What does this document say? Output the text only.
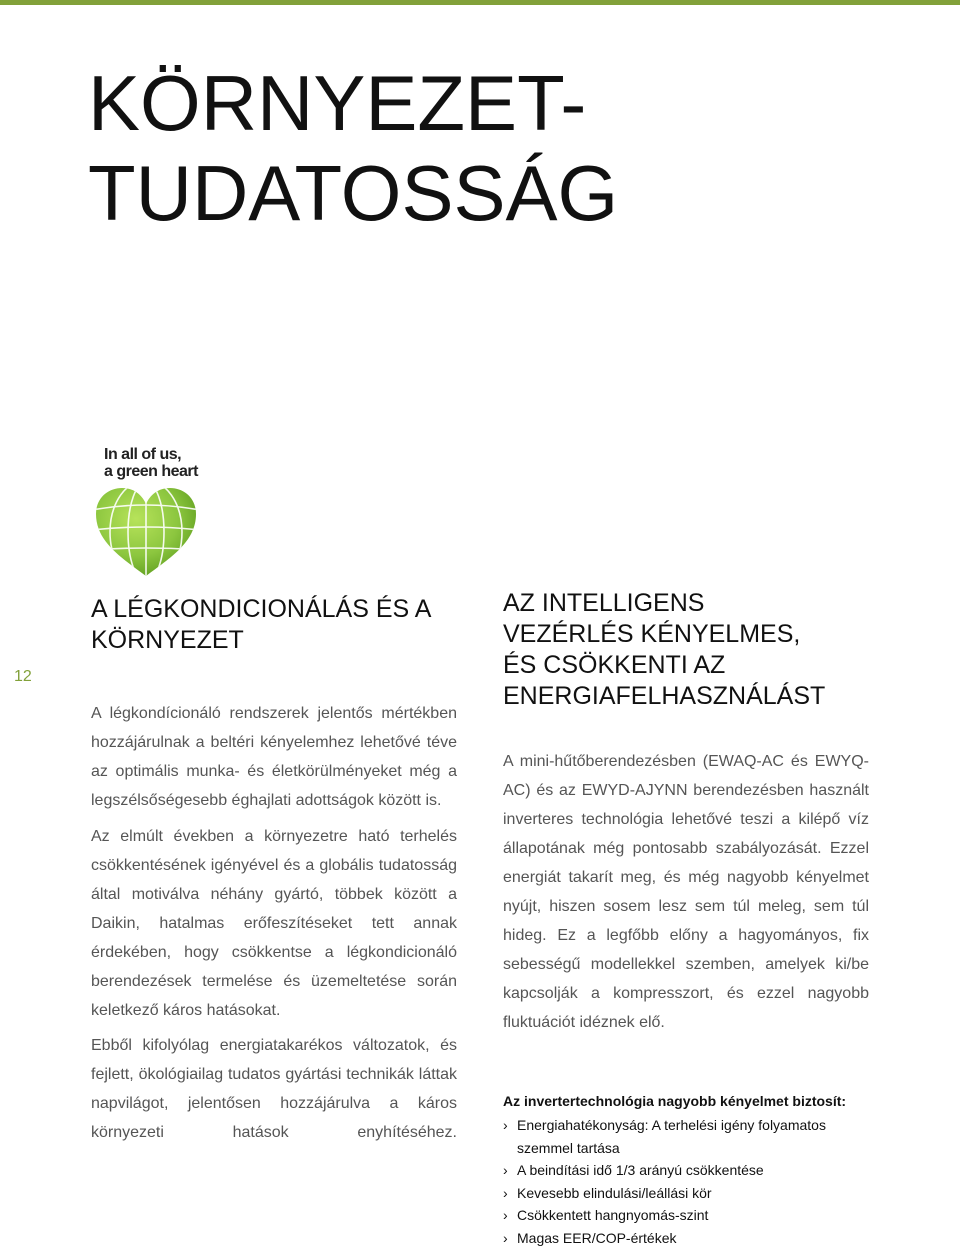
KÖRNYEZET-
TUDATOSSÁG
In all of us,
a green heart
12
A LÉGKONDICIONÁLÁS ÉS A
KÖRNYEZET

A légkondícionáló rendszerek jelentős mértékben hozzájárulnak a beltéri kényelemhez lehetővé téve az optimális munka- és életkörülményeket még a legszélsőségesebb éghajlati adottságok között is.

Az elmúlt években a környezetre ható terhelés csökkentésének igényével és a globális tudatosság által motiválva néhány gyártó, többek között a Daikin, hatalmas erőfeszítéseket tett annak érdekében, hogy csökkentse a légkondicionáló berendezések termelése és üzemeltetése során keletkező káros hatásokat.

Ebből kifolyólag energiatakarékos változatok, és fejlett, ökológiailag tudatos gyártási technikák láttak napvilágot, jelentősen hozzájárulva a káros környezeti hatások enyhítéséhez.

AZ INTELLIGENS
VEZÉRLÉS KÉNYELMES,
ÉS CSÖKKENTI AZ
ENERGIAFELHASZNÁLÁST

A mini-hűtőberendezésben (EWAQ-AC és EWYQ-AC) és az EWYD-AJYNN berendezésben használt inverteres technológia lehetővé teszi a kilépő víz állapotának még pontosabb szabályozását. Ezzel energiát takarít meg, és még nagyobb kényelmet nyújt, hiszen sosem lesz sem túl meleg, sem túl hideg. Ez a legfőbb előny a hagyományos, fix sebességű modellekkel szemben, amelyek ki/be kapcsolják a kompresszort, és ezzel nagyobb fluktuációt idéznek elő.

Az invertertechnológia nagyobb kényelmet biztosít:

› Energiahatékonyság: A terhelési igény folyamatos szemmel tartása
› A beindítási idő 1/3 arányú csökkentése
› Kevesebb elindulási/leállási kör
› Csökkentett hangnyomás-szint
› Magas EER/COP-értékek
